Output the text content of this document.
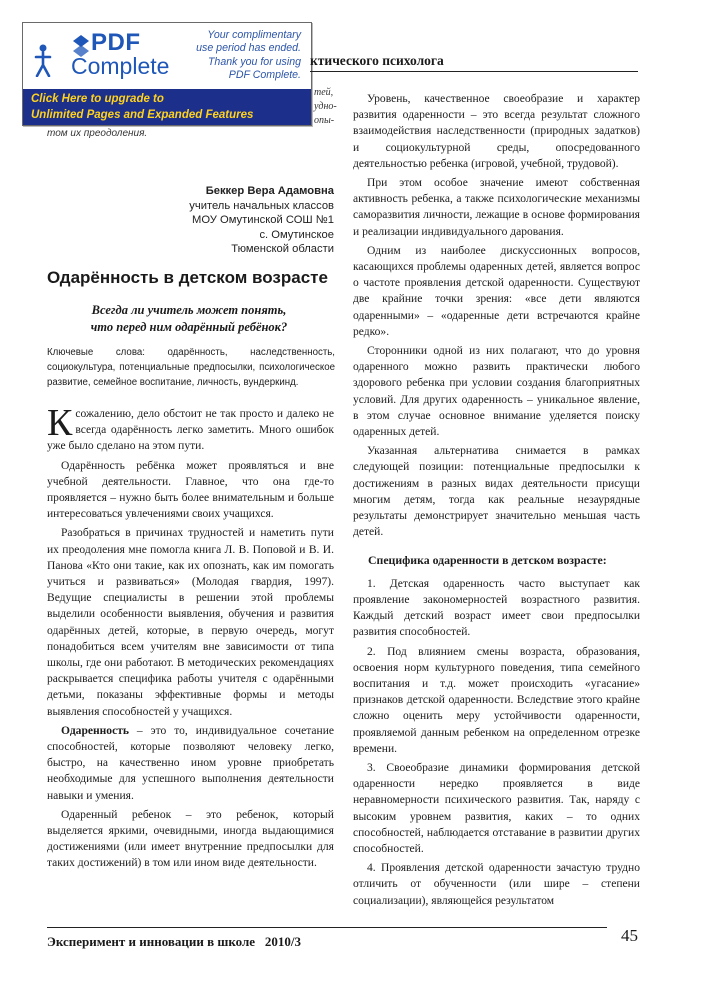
PDF
Complete
Your complimentary
use period has ended.
Thank you for using
PDF Complete.
Click Here to upgrade to
Unlimited Pages and Expanded Features
тей,
удно-
опы-
ктического психолога
том их преодоления.
Беккер Вера Адамовна
учитель начальных классов
МОУ Омутинской СОШ №1
с. Омутинское
Тюменской области
Одарённость в детском возрасте
Всегда ли учитель может понять,
что перед ним одарённый ребёнок?
Ключевые слова: одарённость, наследственность, социокультура, потенциальные предпосылки, психологическое развитие, семейное воспитание, личность, вундеркинд.

Ксожалению, дело обстоит не так просто и далеко не всегда одарённость легко заметить. Много ошибок уже было сделано на этом пути.

Одарённость ребёнка может проявляться и вне учебной деятельности. Главное, что она где-то проявляется – нужно быть более внимательным и больше интересоваться увлечениями своих учащихся.

Разобраться в причинах трудностей и наметить пути их преодоления мне помогла книга Л. В. Поповой и В. И. Панова «Кто они такие, как их опознать, как им помогать учиться и развиваться» (Молодая гвардия, 1997). Ведущие специалисты в решении этой проблемы выделили особенности выявления, обучения и развития одарённых детей, которые, в первую очередь, могут понадобиться всем учителям вне зависимости от типа школы, где они работают. В методических рекомендациях раскрывается специфика работы учителя с одарёнными детьми, показаны эффективные формы и методы выявления способностей у учащихся.

Одаренность – это то, индивидуальное сочетание способностей, которые позволяют человеку легко, быстро, на качественно ином уровне приобретать необходимые для успешного выполнения деятельности навыки и умения.

Одаренный ребенок – это ребенок, который выделяется яркими, очевидными, иногда выдающимися достижениями (или имеет внутренние предпосылки для таких достижений) в том или ином виде деятельности.

Уровень, качественное своеобразие и характер развития одаренности – это всегда результат сложного взаимодействия наследственности (природных задатков) и социокультурной среды, опосредованного деятельностью ребенка (игровой, учебной, трудовой).

При этом особое значение имеют собственная активность ребенка, а также психологические механизмы саморазвития личности, лежащие в основе формирования и реализации индивидуального дарования.

Одним из наиболее дискуссионных вопросов, касающихся проблемы одаренных детей, является вопрос о частоте проявления детской одаренности. Существуют две крайние точки зрения: «все дети являются одаренными» – «одаренные дети встречаются крайне редко».

Сторонники одной из них полагают, что до уровня одаренного можно развить практически любого здорового ребенка при условии создания благоприятных условий. Для других одаренность – уникальное явление, в этом случае основное внимание уделяется поиску одаренных детей.

Указанная альтернатива снимается в рамках следующей позиции: потенциальные предпосылки к достижениям в разных видах деятельности присущи многим детям, тогда как реальные незаурядные результаты демонстрирует значительно меньшая часть детей.

Специфика одаренности в детском возрасте:

1. Детская одаренность часто выступает как проявление закономерностей возрастного развития. Каждый детский возраст имеет свои предпосылки развития способностей.

2. Под влиянием смены возраста, образования, освоения норм культурного поведения, типа семейного воспитания и т.д. может происходить «угасание» признаков детской одаренности. Вследствие этого крайне сложно оценить меру устойчивости одаренности, проявляемой данным ребенком на определенном отрезке времени.

3. Своеобразие динамики формирования детской одаренности нередко проявляется в виде неравномерности психического развития. Так, наряду с высоким уровнем развития, каких – то одних способностей, наблюдается отставание в развитии других способностей.

4. Проявления детской одаренности зачастую трудно отличить от обученности (или шире – степени социализации), являющейся результатом

Эксперимент и инновации в школе 2010/3	45
